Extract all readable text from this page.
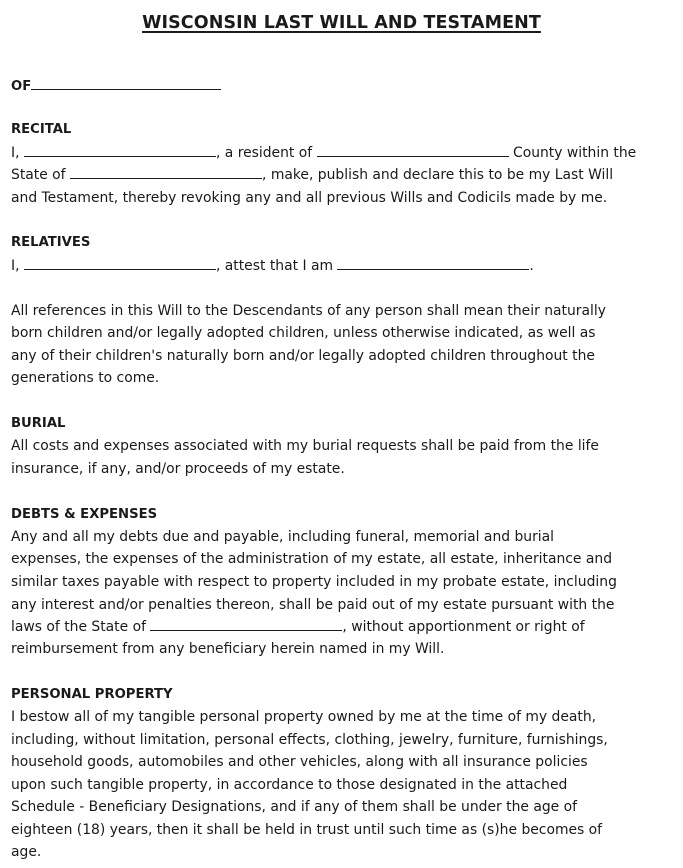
WISCONSIN LAST WILL AND TESTAMENT
OF
RECITAL
I,	, a resident of	County within the
State of	, make, publish and declare this to be my Last Will
and Testament, thereby revoking any and all previous Wills and Codicils made by me.
RELATIVES
I,	, attest that I am	.
All references in this Will to the Descendants of any person shall mean their naturally
born children and/or legally adopted children, unless otherwise indicated, as well as
any of their children's naturally born and/or legally adopted children throughout the
generations to come.
BURIAL
All costs and expenses associated with my burial requests shall be paid from the life
insurance, if any, and/or proceeds of my estate.
DEBTS & EXPENSES
Any and all my debts due and payable, including funeral, memorial and burial
expenses, the expenses of the administration of my estate, all estate, inheritance and
similar taxes payable with respect to property included in my probate estate, including
any interest and/or penalties thereon, shall be paid out of my estate pursuant with the
laws of the State of	, without apportionment or right of
reimbursement from any beneficiary herein named in my Will.
PERSONAL PROPERTY
I bestow all of my tangible personal property owned by me at the time of my death,
including, without limitation, personal effects, clothing, jewelry, furniture, furnishings,
household goods, automobiles and other vehicles, along with all insurance policies
upon such tangible property, in accordance to those designated in the attached
Schedule - Beneficiary Designations, and if any of them shall be under the age of
eighteen (18) years, then it shall be held in trust until such time as (s)he becomes of
age.
